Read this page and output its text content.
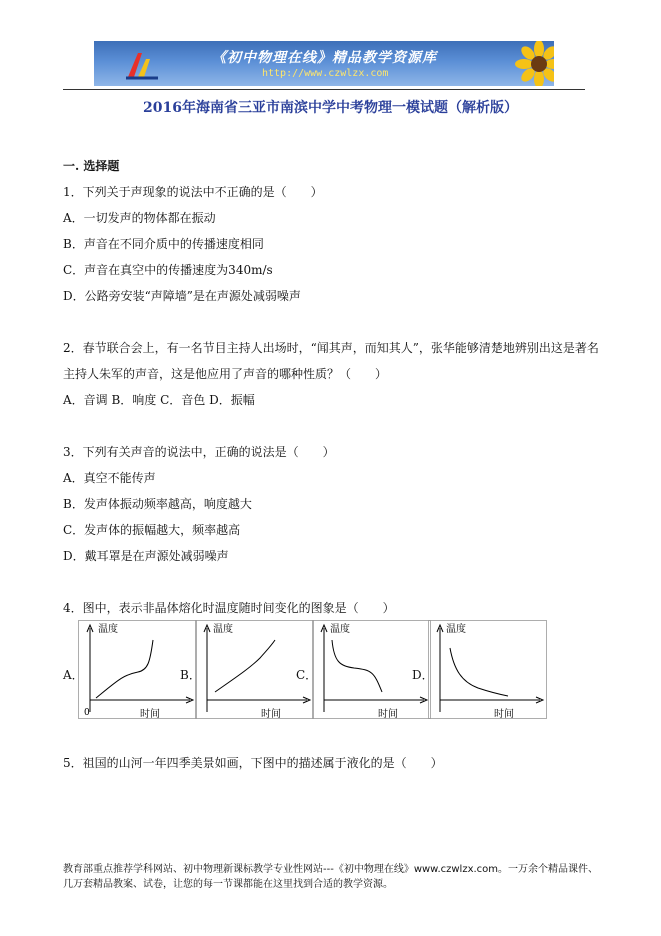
《初中物理在线》精品教学资源库
http://www.czwlzx.com
2016年海南省三亚市南滨中学中考物理一模试题（解析版）
一. 选择题
1．下列关于声现象的说法中不正确的是（　　）
A．一切发声的物体都在振动
B．声音在不同介质中的传播速度相同
C．声音在真空中的传播速度为340m/s
D．公路旁安装“声障墙”是在声源处减弱噪声
2．春节联合会上，有一名节目主持人出场时，“闻其声，而知其人”，张华能够清楚地辨别出这是著名
主持人朱军的声音，这是他应用了声音的哪种性质？（　　）
A．音调 B．响度 C．音色 D．振幅
3．下列有关声音的说法中，正确的说法是（　　）
A．真空不能传声
B．发声体振动频率越高，响度越大
C．发声体的振幅越大，频率越高
D．戴耳罩是在声源处减弱噪声
4．图中，表示非晶体熔化时温度随时间变化的图象是（　　）
A．	B．	C．	D．
温度
时间
0
温度
时间
温度
时间
温度
时间
5．祖国的山河一年四季美景如画，下图中的描述属于液化的是（　　）
教育部重点推荐学科网站、初中物理新课标教学专业性网站---《初中物理在线》www.czwlzx.com。一万余个精品课件、
几万套精品教案、试卷，让您的每一节课都能在这里找到合适的教学资源。
